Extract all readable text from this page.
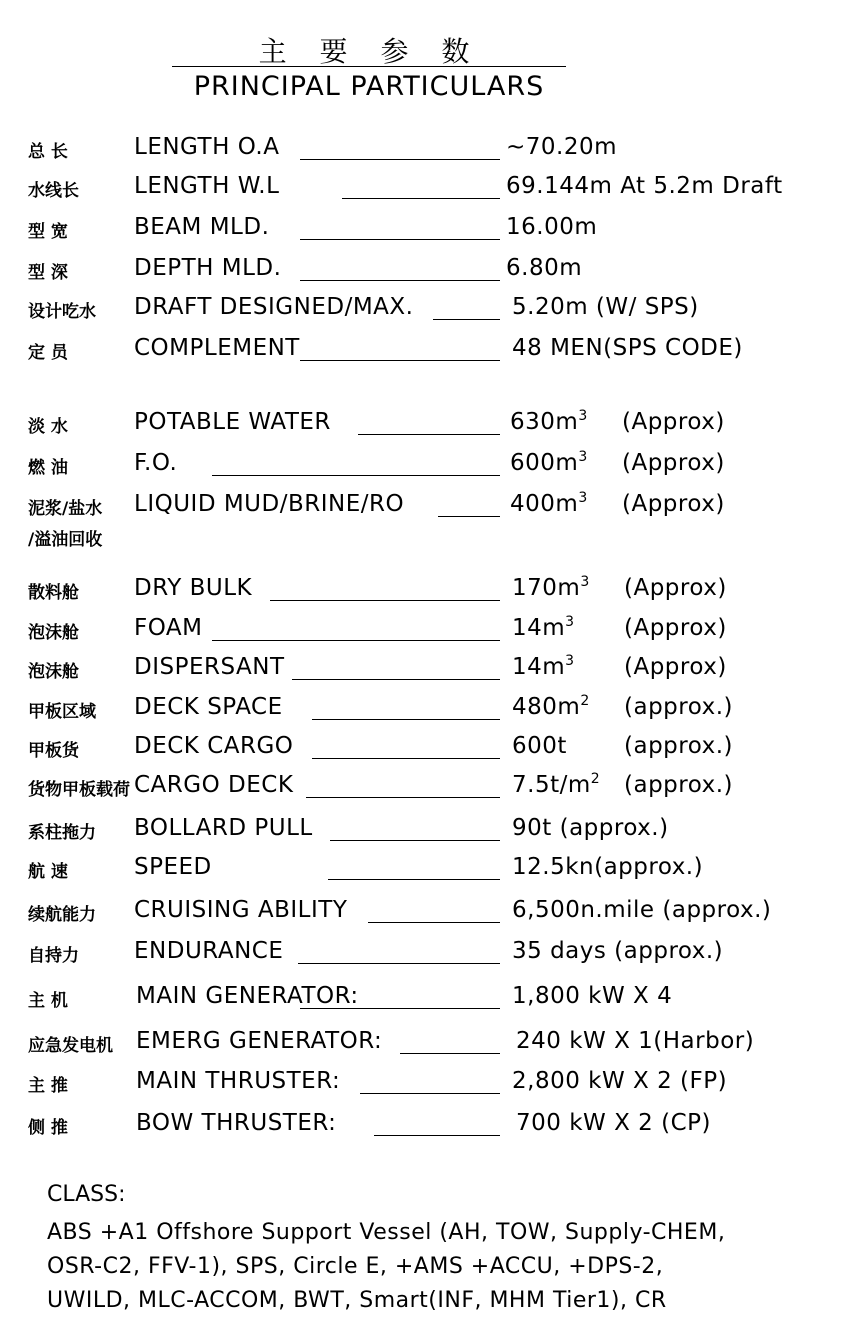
主 要 参 数
PRINCIPAL PARTICULARS
总 长	LENGTH O.A	~70.20m
水线长 LENGTH W.L	69.144m At 5.2m Draft
型 宽	BEAM MLD.	16.00m
型 深	DEPTH MLD.	6.80m
设计吃水 DRAFT DESIGNED/MAX.	5.20m (W/ SPS)
定 员	COMPLEMENT	48 MEN(SPS CODE)
淡 水	POTABLE WATER	$630m^3$ (Approx)
燃 油	F.O.	$600m^3$ (Approx)
泥浆/盐水
/溢油回收
LIQUID MUD/BRINE/RO	$400m^3$ (Approx)
散料舱 DRY BULK	$170m^3$ (Approx)
泡沫舱 FOAM	$14m^3$ (Approx)
泡沫舱 DISPERSANT	$14m^3$ (Approx)
甲板区域 DECK SPACE	$480m^2$ (approx.)
甲板货 DECK CARGO	600t (approx.)
货物甲板载荷 CARGO DECK	$7.5t/m^2$ (approx.)
系柱拖力 BOLLARD PULL	90t (approx.)
航 速	SPEED	12.5kn(approx.)
续航能力 CRUISING ABILITY	6,500n.mile (approx.)
自持力 ENDURANCE	35 days (approx.)
主 机	MAIN GENERATOR:	1,800 kW X 4
应急发电机 EMERG GENERATOR:	240 kW X 1(Harbor)
主 推	MAIN THRUSTER:	2,800 kW X 2 (FP)
侧 推	BOW THRUSTER:	700 kW X 2 (CP)
CLASS:
ABS +A1 Offshore Support Vessel (AH, TOW, Supply-CHEM,
OSR-C2, FFV-1), SPS, Circle E, +AMS +ACCU, +DPS-2,
UWILD, MLC-ACCOM, BWT, Smart(INF, MHM Tier1), CR
